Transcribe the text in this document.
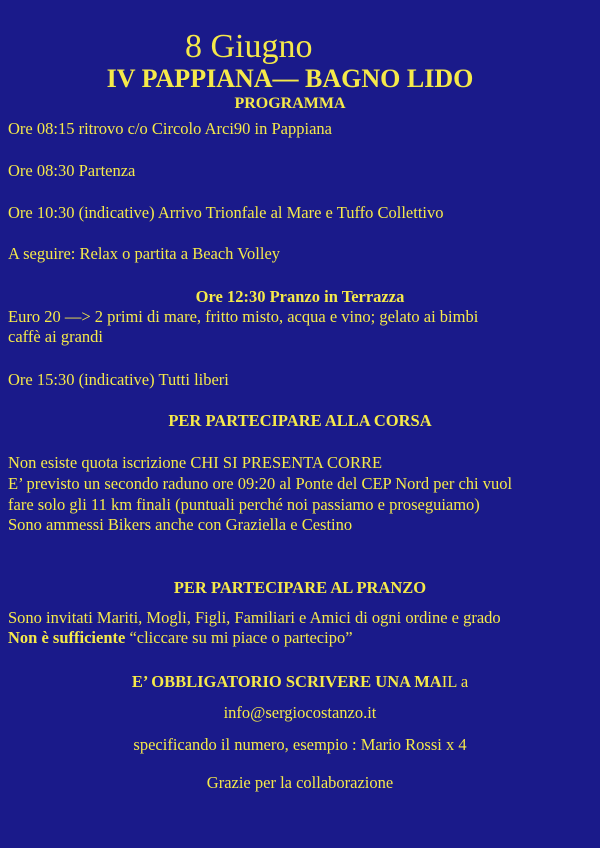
8 Giugno
IV PAPPIANA— BAGNO LIDO
PROGRAMMA
Ore 08:15 ritrovo c/o Circolo Arci90 in Pappiana
Ore 08:30 Partenza
Ore 10:30 (indicative) Arrivo Trionfale al Mare e Tuffo Collettivo
A seguire: Relax o partita a Beach Volley
Ore 12:30 Pranzo in Terrazza
Euro 20 —> 2 primi di mare, fritto misto, acqua e vino; gelato ai bimbi
caffè ai grandi
Ore 15:30 (indicative) Tutti liberi
PER PARTECIPARE ALLA CORSA
Non esiste quota iscrizione CHI SI PRESENTA CORRE
E’ previsto un secondo raduno ore 09:20 al Ponte del CEP Nord per chi vuol
fare solo gli 11 km finali (puntuali perché noi passiamo e proseguiamo)
Sono ammessi Bikers anche con Graziella e Cestino
PER PARTECIPARE AL PRANZO
Sono invitati Mariti, Mogli, Figli, Familiari e Amici di ogni ordine e grado
Non è sufficiente “cliccare su mi piace o partecipo”
E’ OBBLIGATORIO SCRIVERE UNA MAIL a
info@sergiocostanzo.it
specificando il numero, esempio : Mario Rossi x 4
Grazie per la collaborazione
